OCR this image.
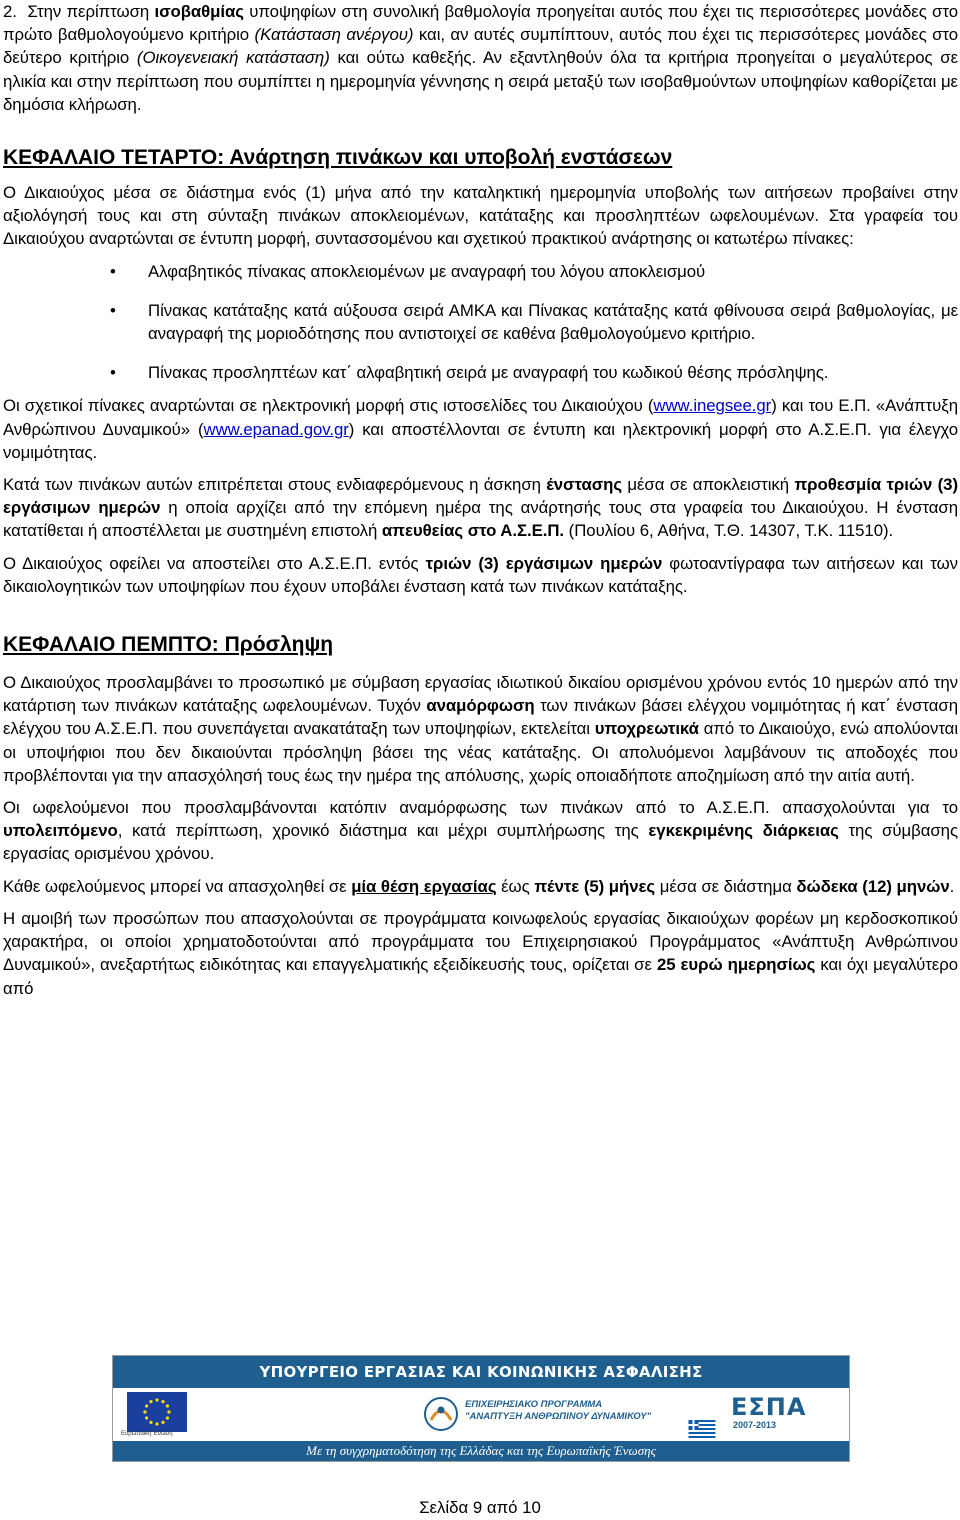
2. Στην περίπτωση ισοβαθμίας υποψηφίων στη συνολική βαθμολογία προηγείται αυτός που έχει τις περισσότερες μονάδες στο πρώτο βαθμολογούμενο κριτήριο (Κατάσταση ανέργου) και, αν αυτές συμπίπτουν, αυτός που έχει τις περισσότερες μονάδες στο δεύτερο κριτήριο (Οικογενειακή κατάσταση) και ούτω καθεξής. Αν εξαντληθούν όλα τα κριτήρια προηγείται ο μεγαλύτερος σε ηλικία και στην περίπτωση που συμπίπτει η ημερομηνία γέννησης η σειρά μεταξύ των ισοβαθμούντων υποψηφίων καθορίζεται με δημόσια κλήρωση.

ΚΕΦΑΛΑΙΟ ΤΕΤΑΡΤΟ: Ανάρτηση πινάκων και υποβολή ενστάσεων

Ο Δικαιούχος μέσα σε διάστημα ενός (1) μήνα από την καταληκτική ημερομηνία υποβολής των αιτήσεων προβαίνει στην αξιολόγησή τους και στη σύνταξη πινάκων αποκλειομένων, κατάταξης και προσληπτέων ωφελουμένων. Στα γραφεία του Δικαιούχου αναρτώνται σε έντυπη μορφή, συντασσομένου και σχετικού πρακτικού ανάρτησης οι κατωτέρω πίνακες:

• Αλφαβητικός πίνακας αποκλειομένων με αναγραφή του λόγου αποκλεισμού

• Πίνακας κατάταξης κατά αύξουσα σειρά ΑΜΚΑ και Πίνακας κατάταξης κατά φθίνουσα σειρά βαθμολογίας, με αναγραφή της μοριοδότησης που αντιστοιχεί σε καθένα βαθμολογούμενο κριτήριο.

• Πίνακας προσληπτέων κατ΄ αλφαβητική σειρά με αναγραφή του κωδικού θέσης πρόσληψης.

Οι σχετικοί πίνακες αναρτώνται σε ηλεκτρονική μορφή στις ιστοσελίδες του Δικαιούχου (www.inegsee.gr) και του Ε.Π. «Ανάπτυξη Ανθρώπινου Δυναμικού» (www.epanad.gov.gr) και αποστέλλονται σε έντυπη και ηλεκτρονική μορφή στο Α.Σ.Ε.Π. για έλεγχο νομιμότητας.

Κατά των πινάκων αυτών επιτρέπεται στους ενδιαφερόμενους η άσκηση ένστασης μέσα σε αποκλειστική προθεσμία τριών (3) εργάσιμων ημερών η οποία αρχίζει από την επόμενη ημέρα της ανάρτησής τους στα γραφεία του Δικαιούχου. Η ένσταση κατατίθεται ή αποστέλλεται με συστημένη επιστολή απευθείας στο Α.Σ.Ε.Π. (Πουλίου 6, Αθήνα, Τ.Θ. 14307, Τ.Κ. 11510).

Ο Δικαιούχος οφείλει να αποστείλει στο Α.Σ.Ε.Π. εντός τριών (3) εργάσιμων ημερών φωτοαντίγραφα των αιτήσεων και των δικαιολογητικών των υποψηφίων που έχουν υποβάλει ένσταση κατά των πινάκων κατάταξης.

ΚΕΦΑΛΑΙΟ ΠΕΜΠΤΟ: Πρόσληψη

Ο Δικαιούχος προσλαμβάνει το προσωπικό με σύμβαση εργασίας ιδιωτικού δικαίου ορισμένου χρόνου εντός 10 ημερών από την κατάρτιση των πινάκων κατάταξης ωφελουμένων. Τυχόν αναμόρφωση των πινάκων βάσει ελέγχου νομιμότητας ή κατ΄ ένσταση ελέγχου του Α.Σ.Ε.Π. που συνεπάγεται ανακατάταξη των υποψηφίων, εκτελείται υποχρεωτικά από το Δικαιούχο, ενώ απολύονται οι υποψήφιοι που δεν δικαιούνται πρόσληψη βάσει της νέας κατάταξης. Οι απολυόμενοι λαμβάνουν τις αποδοχές που προβλέπονται για την απασχόλησή τους έως την ημέρα της απόλυσης, χωρίς οποιαδήποτε αποζημίωση από την αιτία αυτή.

Οι ωφελούμενοι που προσλαμβάνονται κατόπιν αναμόρφωσης των πινάκων από το Α.Σ.Ε.Π. απασχολούνται για το υπολειπόμενο, κατά περίπτωση, χρονικό διάστημα και μέχρι συμπλήρωσης της εγκεκριμένης διάρκειας της σύμβασης εργασίας ορισμένου χρόνου.

Κάθε ωφελούμενος μπορεί να απασχοληθεί σε μία θέση εργασίας έως πέντε (5) μήνες μέσα σε διάστημα δώδεκα (12) μηνών.

Η αμοιβή των προσώπων που απασχολούνται σε προγράμματα κοινωφελούς εργασίας δικαιούχων φορέων μη κερδοσκοπικού χαρακτήρα, οι οποίοι χρηματοδοτούνται από προγράμματα του Επιχειρησιακού Προγράμματος «Ανάπτυξη Ανθρώπινου Δυναμικού», ανεξαρτήτως ειδικότητας και επαγγελματικής εξειδίκευσής τους, ορίζεται σε 25 ευρώ ημερησίως και όχι μεγαλύτερο από

ΥΠΟΥΡΓΕΙΟ ΕΡΓΑΣΙΑΣ ΚΑΙ ΚΟΙΝΩΝΙΚΗΣ ΑΣΦΑΛΙΣΗΣ
Ευρωπαϊκή Ένωση
ΕΠΙΧΕΙΡΗΣΙΑΚΟ ΠΡΟΓΡΑΜΜΑ
"ΑΝΑΠΤΥΞΗ ΑΝΘΡΩΠΙΝΟΥ ΔΥΝΑΜΙΚΟΥ"	ΕΣΠΑ
2007-2013
Με τη συγχρηματοδότηση της Ελλάδας και της Ευρωπαϊκής Ένωσης
Σελίδα 9 από 10
